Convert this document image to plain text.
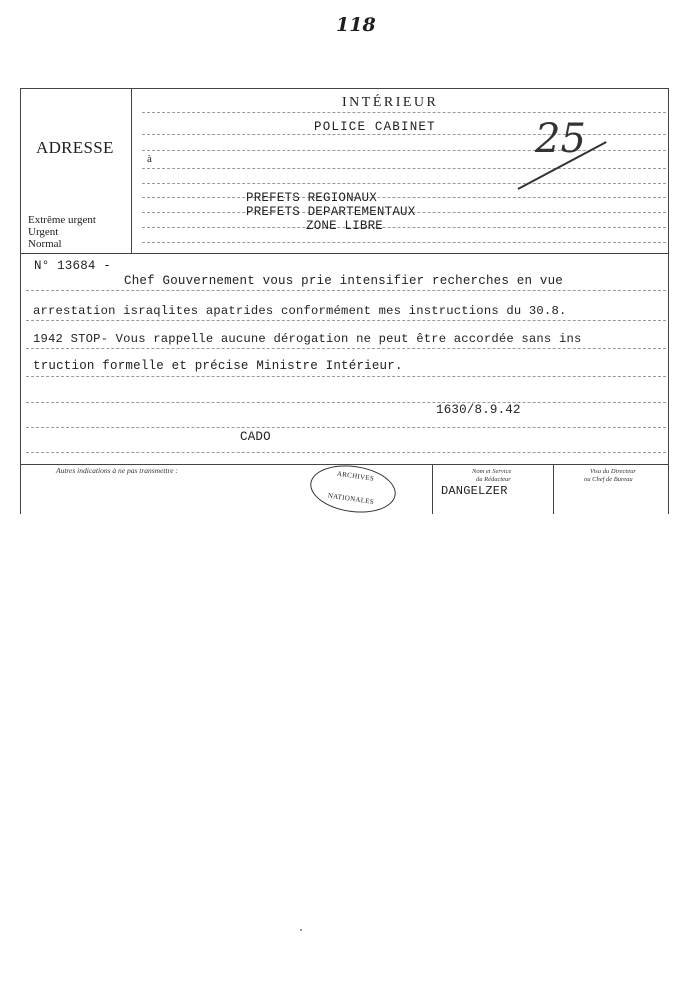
118
ADRESSE
Extrême urgent
Urgent
Normal
INTÉRIEUR
POLICE CABINET
à	25
PREFETS REGIONAUX
PREFETS DEPARTEMENTAUX
ZONE LIBRE
N° 13684 -
Chef Gouvernement vous prie intensifier recherches en vue
arrestation israqlites apatrides conformément mes instructions du 30.8.
1942 STOP- Vous rappelle aucune dérogation ne peut être accordée sans ins
truction formelle et précise Ministre Intérieur.
1630/8.9.42
CADO
Autres indications à ne pas transmettre :	ARCHIVES
NATIONALES
Nom et Service
du Rédacteur
DANGELZER
Visa du Directeur
ou Chef de Bureau
